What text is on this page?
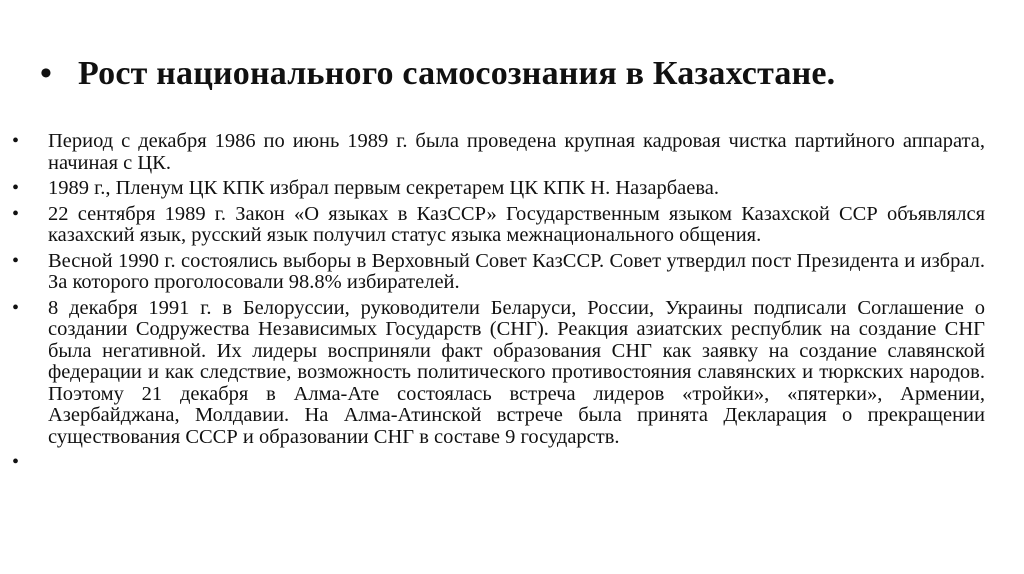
• Рост национального самосознания в Казахстане.
•	Период с декабря 1986 по июнь 1989 г. была проведена крупная кадровая чистка партийного аппарата, начиная с ЦК.
•	1989 г., Пленум ЦК КПК избрал первым секретарем ЦК КПК Н. Назарбаева.
•	22 сентября 1989 г. Закон «О языках в КазССР» Государственным языком Казахской ССР объявлялся казахский язык, русский язык получил статус языка межнационального общения.
•	Весной 1990 г. состоялись выборы в Верховный Совет КазССР. Совет утвердил пост Президента и избрал. За которого проголосовали 98.8% избирателей.
•	8 декабря 1991 г. в Белоруссии, руководители Беларуси, России, Украины подписали Соглашение о создании Содружества Независимых Государств (СНГ). Реакция азиатских республик на создание СНГ была негативной. Их лидеры восприняли факт образования СНГ как заявку на создание славянской федерации и как следствие, возможность политического противостояния славянских и тюркских народов. Поэтому 21 декабря в Алма-Ате состоялась встреча лидеров «тройки», «пятерки», Армении, Азербайджана, Молдавии. На Алма-Атинской встрече была принята Декларация о прекращении существования СССР и образовании СНГ в составе 9 государств.
•
